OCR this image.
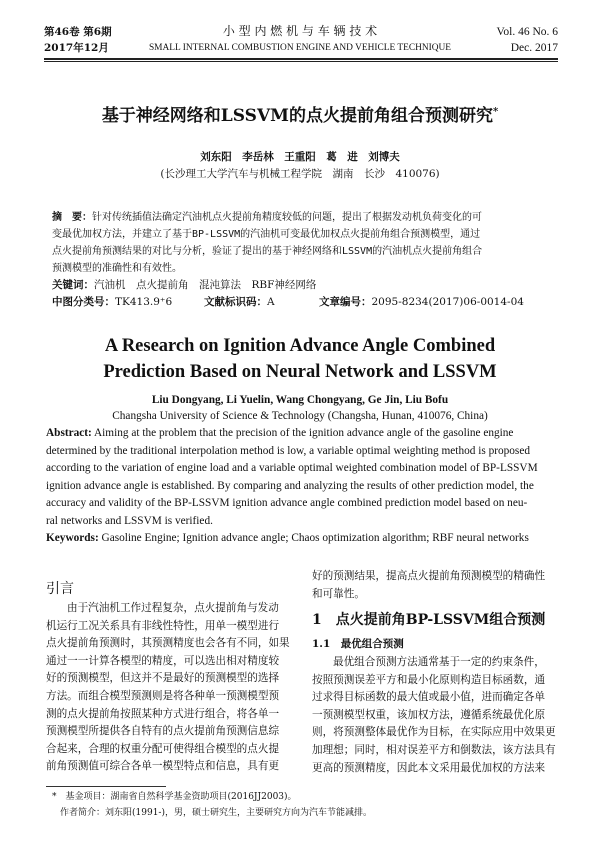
第46卷 第6期
2017年12月
小 型 内 燃 机 与 车 辆 技 术
SMALL INTERNAL COMBUSTION ENGINE AND VEHICLE TECHNIQUE
Vol. 46 No. 6
Dec. 2017
基于神经网络和LSSVM的点火提前角组合预测研究*
刘东阳　李岳林　王重阳　葛　进　刘博夫
(长沙理工大学汽车与机械工程学院　湖南　长沙　410076)
摘　要：针对传统插值法确定汽油机点火提前角精度较低的问题，提出了根据发动机负荷变化的可
变最优加权方法，并建立了基于BP-LSSVM的汽油机可变最优加权点火提前角组合预测模型，通过
点火提前角预测结果的对比与分析，验证了提出的基于神经网络和LSSVM的汽油机点火提前角组合
预测模型的准确性和有效性。
关键词：汽油机　点火提前角　混沌算法　RBF神经网络
中图分类号：TK413.9⁺6	文献标识码：A	文章编号：2095-8234(2017)06-0014-04
A Research on Ignition Advance Angle Combined
Prediction Based on Neural Network and LSSVM
Liu Dongyang, Li Yuelin, Wang Chongyang, Ge Jin, Liu Bofu
Changsha University of Science & Technology (Changsha, Hunan, 410076, China)
Abstract: Aiming at the problem that the precision of the ignition advance angle of the gasoline engine
determined by the traditional interpolation method is low, a variable optimal weighting method is proposed
according to the variation of engine load and a variable optimal weighted combination model of BP-LSSVM
ignition advance angle is established. By comparing and analyzing the results of other prediction model, the
accuracy and validity of the BP-LSSVM ignition advance angle combined prediction model based on neu-
ral networks and LSSVM is verified.
Keywords: Gasoline Engine; Ignition advance angle; Chaos optimization algorithm; RBF neural networks
引言
由于汽油机工作过程复杂，点火提前角与发动
机运行工况关系具有非线性特性，用单一模型进行
点火提前角预测时，其预测精度也会各有不同，如果
通过一一计算各模型的精度，可以选出相对精度较
好的预测模型，但这并不是最好的预测模型的选择
方法。而组合模型预测则是将各种单一预测模型预
测的点火提前角按照某种方式进行组合，将各单一
预测模型所提供各自特有的点火提前角预测信息综
合起来，合理的权重分配可使得组合模型的点火提
前角预测值可综合各单一模型特点和信息，具有更
好的预测结果，提高点火提前角预测模型的精确性
和可靠性。
1　点火提前角BP-LSSVM组合预测
1.1　最优组合预测
最优组合预测方法通常基于一定的约束条件，
按照预测误差平方和最小化原则构造目标函数，通
过求得目标函数的最大值或最小值，进而确定各单
一预测模型权重，该加权方法，遵循系统最优化原
则，将预测整体最优作为目标，在实际应用中效果更
加理想；同时，相对误差平方和倒数法，该方法具有
更高的预测精度，因此本文采用最优加权的方法来
*　基金项目：湖南省自然科学基金资助项目(2016JJ2003)。
作者简介：刘东阳(1991-)，男，硕士研究生，主要研究方向为汽车节能减排。
